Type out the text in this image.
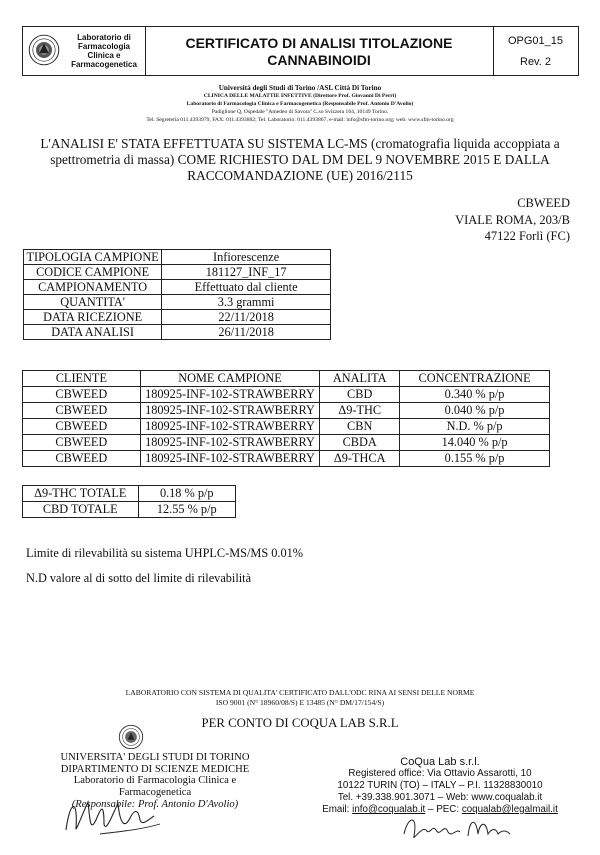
Laboratorio di
Farmacologia
Clinica e
Farmacogenetica
CERTIFICATO DI ANALISI TITOLAZIONE
CANNABINOIDI
OPG01_15
Rev. 2
Università degli Studi di Torino /ASL Città Di Torino
CLINICA DELLE MALATTIE INFETTIVE (Direttore Prof. Giovanni Di Perri)
Laboratorio di Farmacologia Clinica e Farmacogenetica (Responsabile Prof. Antonio D'Avolio)
Padiglione Q, Ospedale "Amedeo di Savoia" C.so Svizzera 164, 10149 Torino.
Tel. Segreteria 011.4393979, FAX: 011.4393882; Tel. Laboratorio: 011.4393867, e-mail: info@sfm-torino.org; web: www.sfm-torino.org
L'ANALISI E' STATA EFFETTUATA SU SISTEMA LC-MS (cromatografia liquida accoppiata a spettrometria di massa) COME RICHIESTO DAL DM DEL 9 NOVEMBRE 2015 E DALLA RACCOMANDAZIONE (UE) 2016/2115
CBWEED
VIALE ROMA, 203/B
47122 Forlì (FC)
TIPOLOGIA CAMPIONE	Infiorescenze
CODICE CAMPIONE	181127_INF_17
CAMPIONAMENTO	Effettuato dal cliente
QUANTITA'	3.3 grammi
DATA RICEZIONE	22/11/2018
DATA ANALISI	26/11/2018
CLIENTE	NOME CAMPIONE	ANALITA	CONCENTRAZIONE
CBWEED	180925-INF-102-STRAWBERRY	CBD	0.340 % p/p
CBWEED	180925-INF-102-STRAWBERRY	Δ9-THC	0.040 % p/p
CBWEED	180925-INF-102-STRAWBERRY	CBN	N.D. % p/p
CBWEED	180925-INF-102-STRAWBERRY	CBDA	14.040 % p/p
CBWEED	180925-INF-102-STRAWBERRY	Δ9-THCA	0.155 % p/p
Δ9-THC TOTALE	0.18 % p/p
CBD TOTALE	12.55 % p/p
Limite di rilevabilità su sistema UHPLC-MS/MS 0.01%
N.D valore al di sotto del limite di rilevabilità
LABORATORIO CON SISTEMA DI QUALITA' CERTIFICATO DALL'ODC RINA AI SENSI DELLE NORME
ISO 9001 (N° 18960/08/S) E 13485 (N° DM/17/154/S)
PER CONTO DI COQUA LAB S.R.L
UNIVERSITA' DEGLI STUDI DI TORINO
DIPARTIMENTO DI SCIENZE MEDICHE
Laboratorio di Farmacologia Clinica e Farmacogenetica
(Responsabile: Prof. Antonio D'Avolio)
CoQua Lab s.r.l.
Registered office: Via Ottavio Assarotti, 10
10122 TURIN (TO) – ITALY – P.I. 11328830010
Tel. +39.338.901.3071 – Web: www.coqualab.it
Email: info@coqualab.it – PEC: coqualab@legalmail.it
